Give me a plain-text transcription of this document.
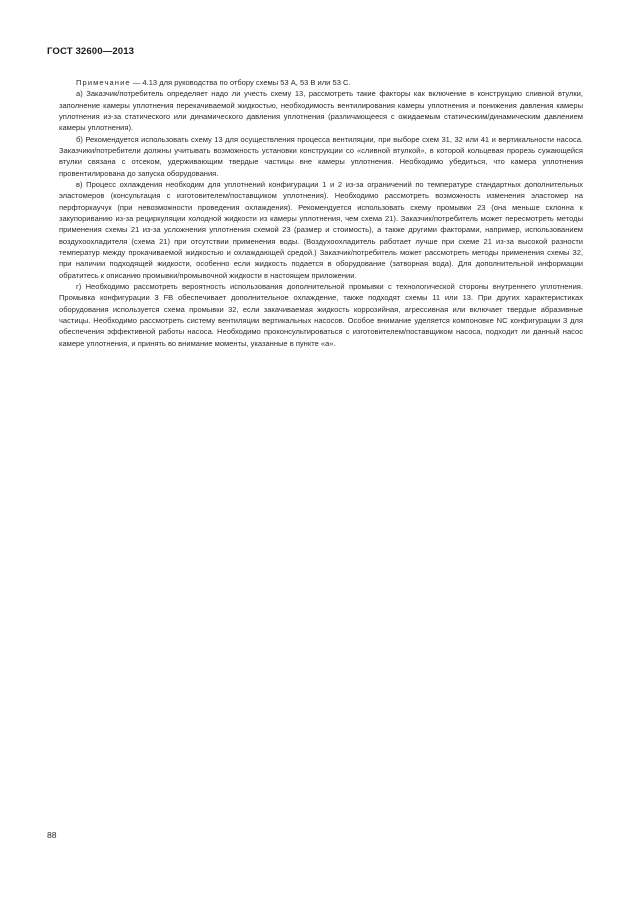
ГОСТ 32600—2013

Примечание — 4.13 для руководства по отбору схемы 53 А, 53 В или 53 С.

а) Заказчик/потребитель определяет надо ли учесть схему 13, рассмотреть такие факторы как включение в конструкцию сливной втулки, заполнение камеры уплотнения перекачиваемой жидкостью, необходимость вентилирования камеры уплотнения и понижения давления камеры уплотнения из-за статического или динамического давления уплотнения (различающееся с ожидаемым статическим/динамическим давлением камеры уплотнения).

б) Рекомендуется использовать схему 13 для осуществления процесса вентиляции, при выборе схем 31, 32 или 41 и вертикальности насоса. Заказчики/потребители должны учитывать возможность установки конструкции со «сливной втулкой», в которой кольцевая прорезь сужающейся втулки связана с отсеком, удерживающим твердые частицы вне камеры уплотнения. Необходимо убедиться, что камера уплотнения провентилирована до запуска оборудования.

в) Процесс охлаждения необходим для уплотнений конфигурации 1 и 2 из-за ограничений по температуре стандартных дополнительных эластомеров (консультация с изготовителем/поставщиком уплотнения). Необходимо рассмотреть возможность изменения эластомер на перфторкаучук (при невозможности проведения охлаждения). Рекомендуется использовать схему промывки 23 (она меньше склонна к закупориванию из-за рециркуляции холодной жидкости из камеры уплотнения, чем схема 21). Заказчик/потребитель может пересмотреть методы применения схемы 21 из-за усложнения уплотнения схемой 23 (размер и стоимость), а также другими факторами, например, использованием воздухоохладителя (схема 21) при отсутствии применения воды. (Воздухоохладитель работает лучше при схеме 21 из-за высокой разности температур между прокачиваемой жидкостью и охлаждающей средой.) Заказчик/потребитель может рассмотреть методы применения схемы 32, при наличии подходящей жидкости, особенно если жидкость подается в оборудование (затворная вода). Для дополнительной информации обратитесь к описанию промывки/промывочной жидкости в настоящем приложении.

г) Необходимо рассмотреть вероятность использования дополнительной промывки с технологической стороны внутреннего уплотнения. Промывка конфигурации 3 FB обеспечивает дополнительное охлаждение, также подходят схемы 11 или 13. При других характеристиках оборудования используется схема промывки 32, если закачиваемая жидкость коррозийная, агрессивная или включает твердые абразивные частицы. Необходимо рассмотреть систему вентиляции вертикальных насосов. Особое внимание уделяется компоновке NC конфигурации 3 для обеспечения эффективной работы насоса. Необходимо проконсультироваться с изготовителем/поставщиком насоса, подходит ли данный насос камере уплотнения, и принять во внимание моменты, указанные в пункте «а».

88
